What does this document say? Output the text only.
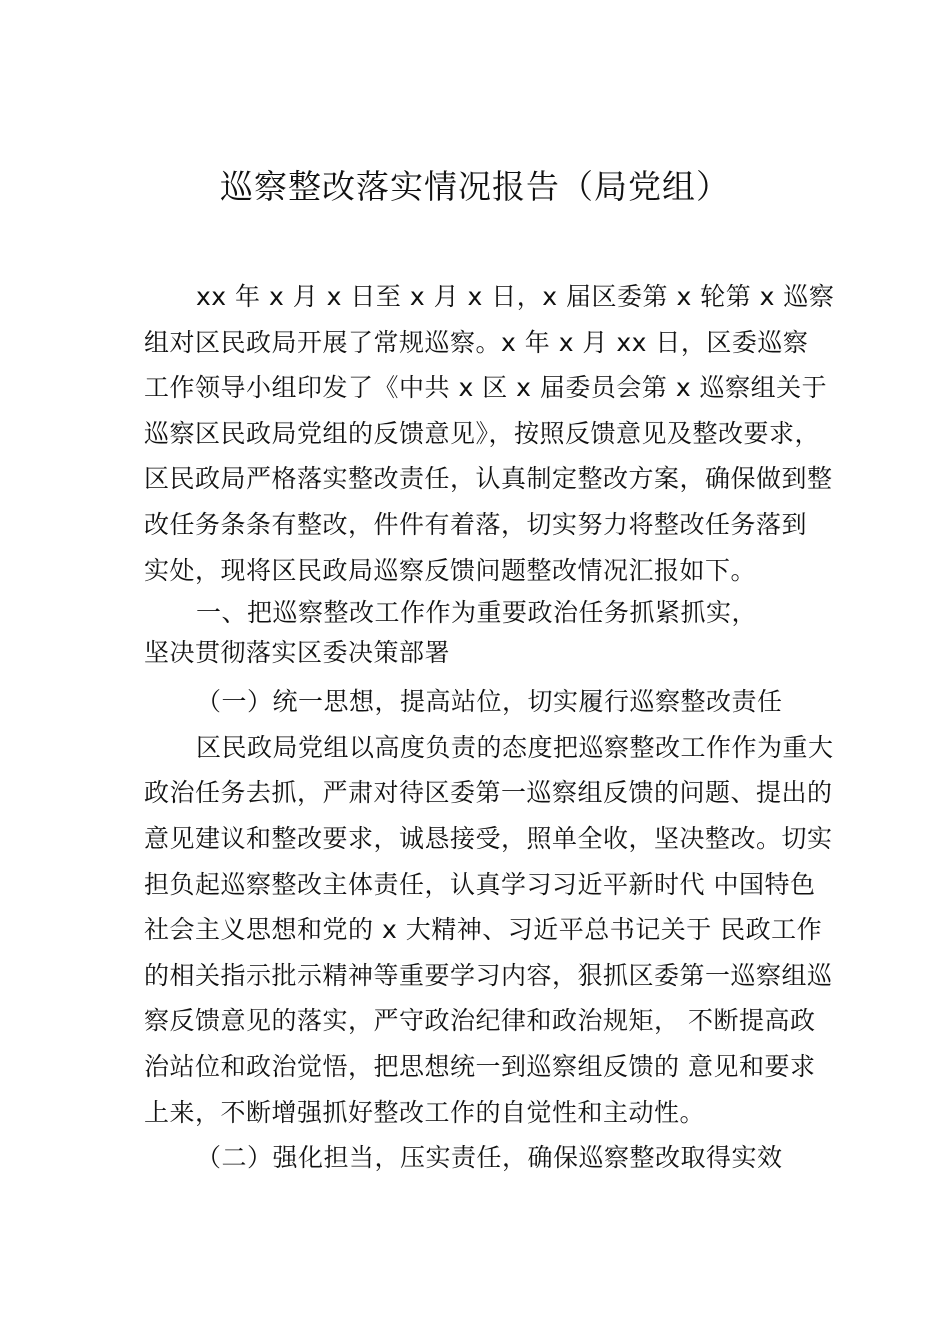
巡察整改落实情况报告（局党组）
xx 年 x 月 x 日至 x 月 x 日，x 届区委第 x 轮第 x 巡察
组对区民政局开展了常规巡察。x 年 x 月 xx 日，区委巡察
工作领导小组印发了《中共 x 区 x 届委员会第 x 巡察组关于
巡察区民政局党组的反馈意见》，按照反馈意见及整改要求，
区民政局严格落实整改责任，认真制定整改方案，确保做到整
改任务条条有整改，件件有着落，切实努力将整改任务落到
实处，现将区民政局巡察反馈问题整改情况汇报如下。
一、把巡察整改工作作为重要政治任务抓紧抓实，
坚决贯彻落实区委决策部署
（一）统一思想，提高站位，切实履行巡察整改责任
区民政局党组以高度负责的态度把巡察整改工作作为重大
政治任务去抓，严肃对待区委第一巡察组反馈的问题、提出的
意见建议和整改要求，诚恳接受，照单全收，坚决整改。切实
担负起巡察整改主体责任，认真学习习近平新时代 中国特色
社会主义思想和党的 x 大精神、习近平总书记关于 民政工作
的相关指示批示精神等重要学习内容，狠抓区委第一巡察组巡
察反馈意见的落实，严守政治纪律和政治规矩， 不断提高政
治站位和政治觉悟，把思想统一到巡察组反馈的 意见和要求
上来，不断增强抓好整改工作的自觉性和主动性。
（二）强化担当，压实责任，确保巡察整改取得实效
